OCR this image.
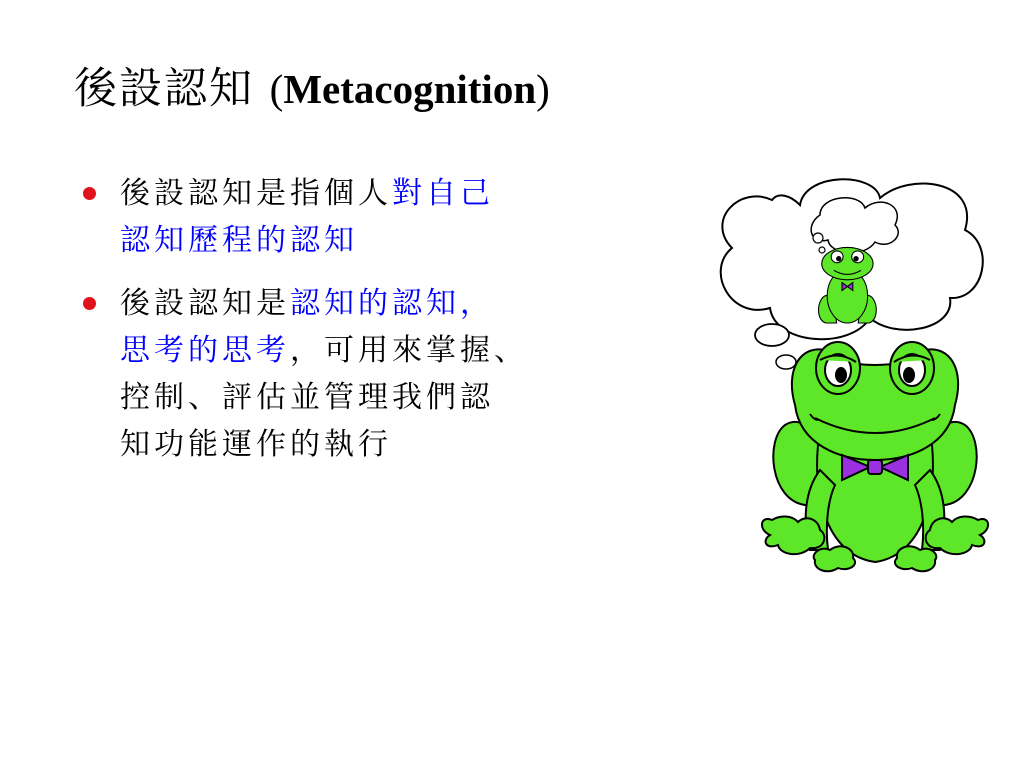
後設認知 (Metacognition)
後設認知是指個人對自己
認知歷程的認知
後設認知是認知的認知，
思考的思考，可用來掌握、
控制、評估並管理我們認
知功能運作的執行
